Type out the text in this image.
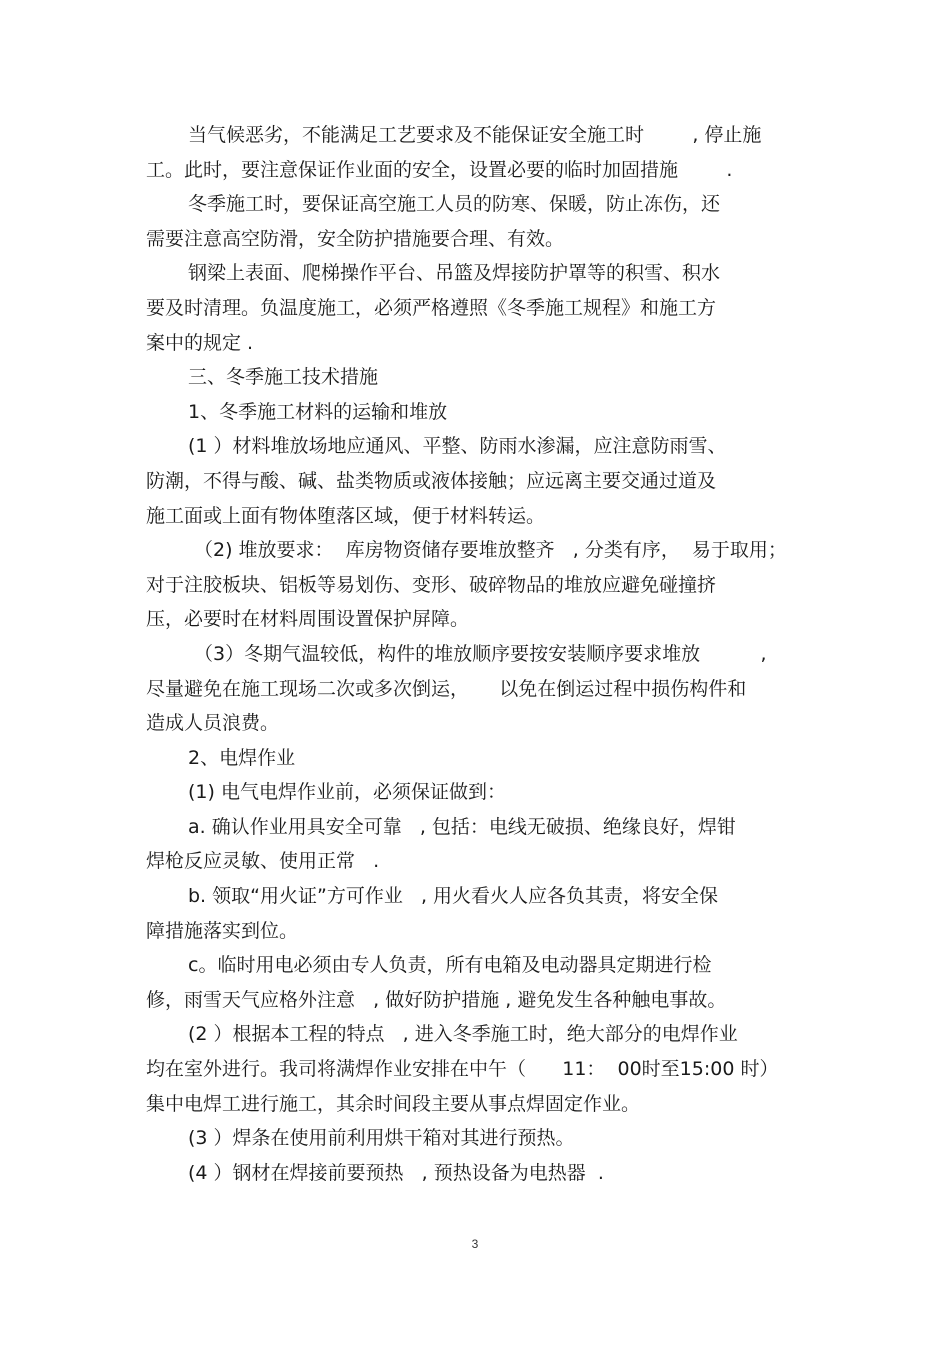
当气候恶劣，不能满足工艺要求及不能保证安全施工时        , 停止施
工。此时，要注意保证作业面的安全，设置必要的临时加固措施        .
冬季施工时，要保证高空施工人员的防寒、保暖，防止冻伤，还
需要注意高空防滑，安全防护措施要合理、有效。
钢梁上表面、爬梯操作平台、吊篮及焊接防护罩等的积雪、积水
要及时清理。负温度施工，必须严格遵照《冬季施工规程》和施工方
案中的规定 .
三、冬季施工技术措施
1、冬季施工材料的运输和堆放
(1 ）材料堆放场地应通风、平整、防雨水渗漏，应注意防雨雪、
防潮，不得与酸、碱、盐类物质或液体接触；应远离主要交通过道及
施工面或上面有物体堕落区域，便于材料转运。
（2) 堆放要求：  库房物资储存要堆放整齐   , 分类有序，  易于取用；
对于注胶板块、铝板等易划伤、变形、破碎物品的堆放应避免碰撞挤
压，必要时在材料周围设置保护屏障。
（3）冬期气温较低，构件的堆放顺序要按安装顺序要求堆放          ,
尽量避免在施工现场二次或多次倒运，     以免在倒运过程中损伤构件和
造成人员浪费。
2、电焊作业
(1) 电气电焊作业前，必须保证做到：
a. 确认作业用具安全可靠   , 包括：电线无破损、绝缘良好，焊钳
焊枪反应灵敏、使用正常   .
b. 领取“用火证”方可作业   , 用火看火人应各负其责，将安全保
障措施落实到位。
c。临时用电必须由专人负责，所有电箱及电动器具定期进行检
修，雨雪天气应格外注意   , 做好防护措施 , 避免发生各种触电事故。
(2 ）根据本工程的特点   , 进入冬季施工时，绝大部分的电焊作业
均在室外进行。我司将满焊作业安排在中午（      11：  00时至15:00 时）
集中电焊工进行施工，其余时间段主要从事点焊固定作业。
(3 ）焊条在使用前利用烘干箱对其进行预热。
(4 ）钢材在焊接前要预热   , 预热设备为电热器  .
3
